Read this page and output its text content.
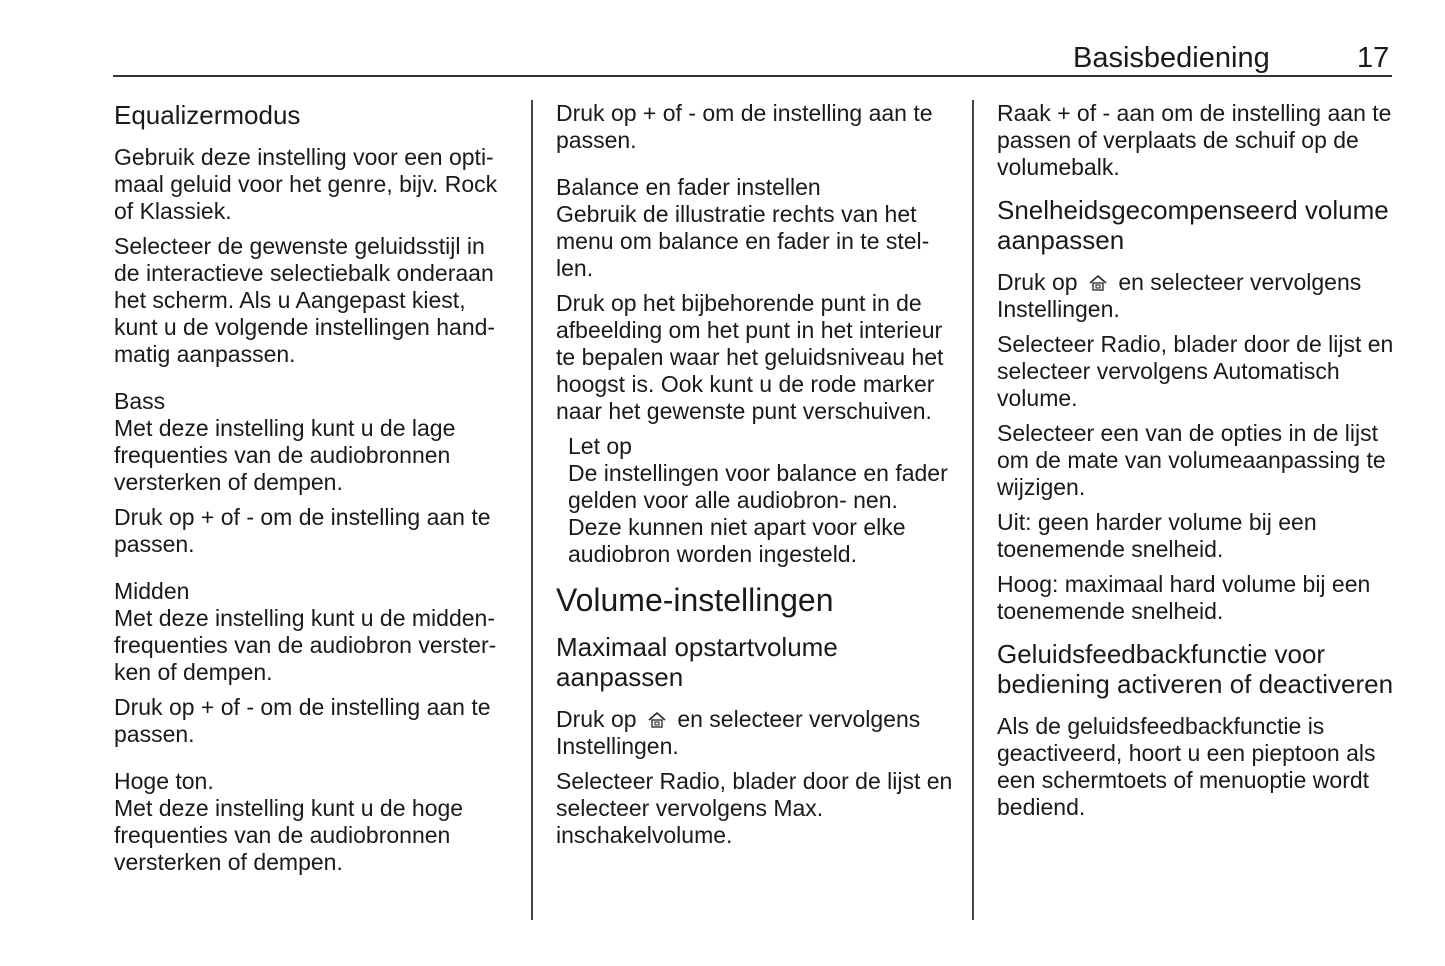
Basisbediening	17
Equalizermodus

Gebruik deze instelling voor een opti- maal geluid voor het genre, bijv. Rock of Klassiek.

Selecteer de gewenste geluidsstijl in de interactieve selectiebalk onderaan het scherm. Als u Aangepast kiest, kunt u de volgende instellingen hand- matig aanpassen.

Bass

Met deze instelling kunt u de lage frequenties van de audiobronnen versterken of dempen.

Druk op + of - om de instelling aan te passen.

Midden

Met deze instelling kunt u de midden- frequenties van de audiobron verster- ken of dempen.

Druk op + of - om de instelling aan te passen.

Hoge ton.

Met deze instelling kunt u de hoge frequenties van de audiobronnen versterken of dempen.

Druk op + of - om de instelling aan te passen.

Balance en fader instellen

Gebruik de illustratie rechts van het menu om balance en fader in te stel- len.

Druk op het bijbehorende punt in de afbeelding om het punt in het interieur te bepalen waar het geluidsniveau het hoogst is. Ook kunt u de rode marker naar het gewenste punt verschuiven.

Let op

De instellingen voor balance en fader gelden voor alle audiobron- nen. Deze kunnen niet apart voor elke audiobron worden ingesteld.

Volume-instellingen
Maximaal opstartvolume aanpassen

Druk op en selecteer vervolgens Instellingen.

Selecteer Radio, blader door de lijst en selecteer vervolgens Max. inschakelvolume.

Raak + of - aan om de instelling aan te passen of verplaats de schuif op de volumebalk.

Snelheidsgecompenseerd volume aanpassen

Druk op en selecteer vervolgens Instellingen.

Selecteer Radio, blader door de lijst en selecteer vervolgens Automatisch volume.

Selecteer een van de opties in de lijst om de mate van volumeaanpassing te wijzigen.

Uit: geen harder volume bij een toenemende snelheid.

Hoog: maximaal hard volume bij een toenemende snelheid.

Geluidsfeedbackfunctie voor bediening activeren of deactiveren

Als de geluidsfeedbackfunctie is geactiveerd, hoort u een pieptoon als een schermtoets of menuoptie wordt bediend.
